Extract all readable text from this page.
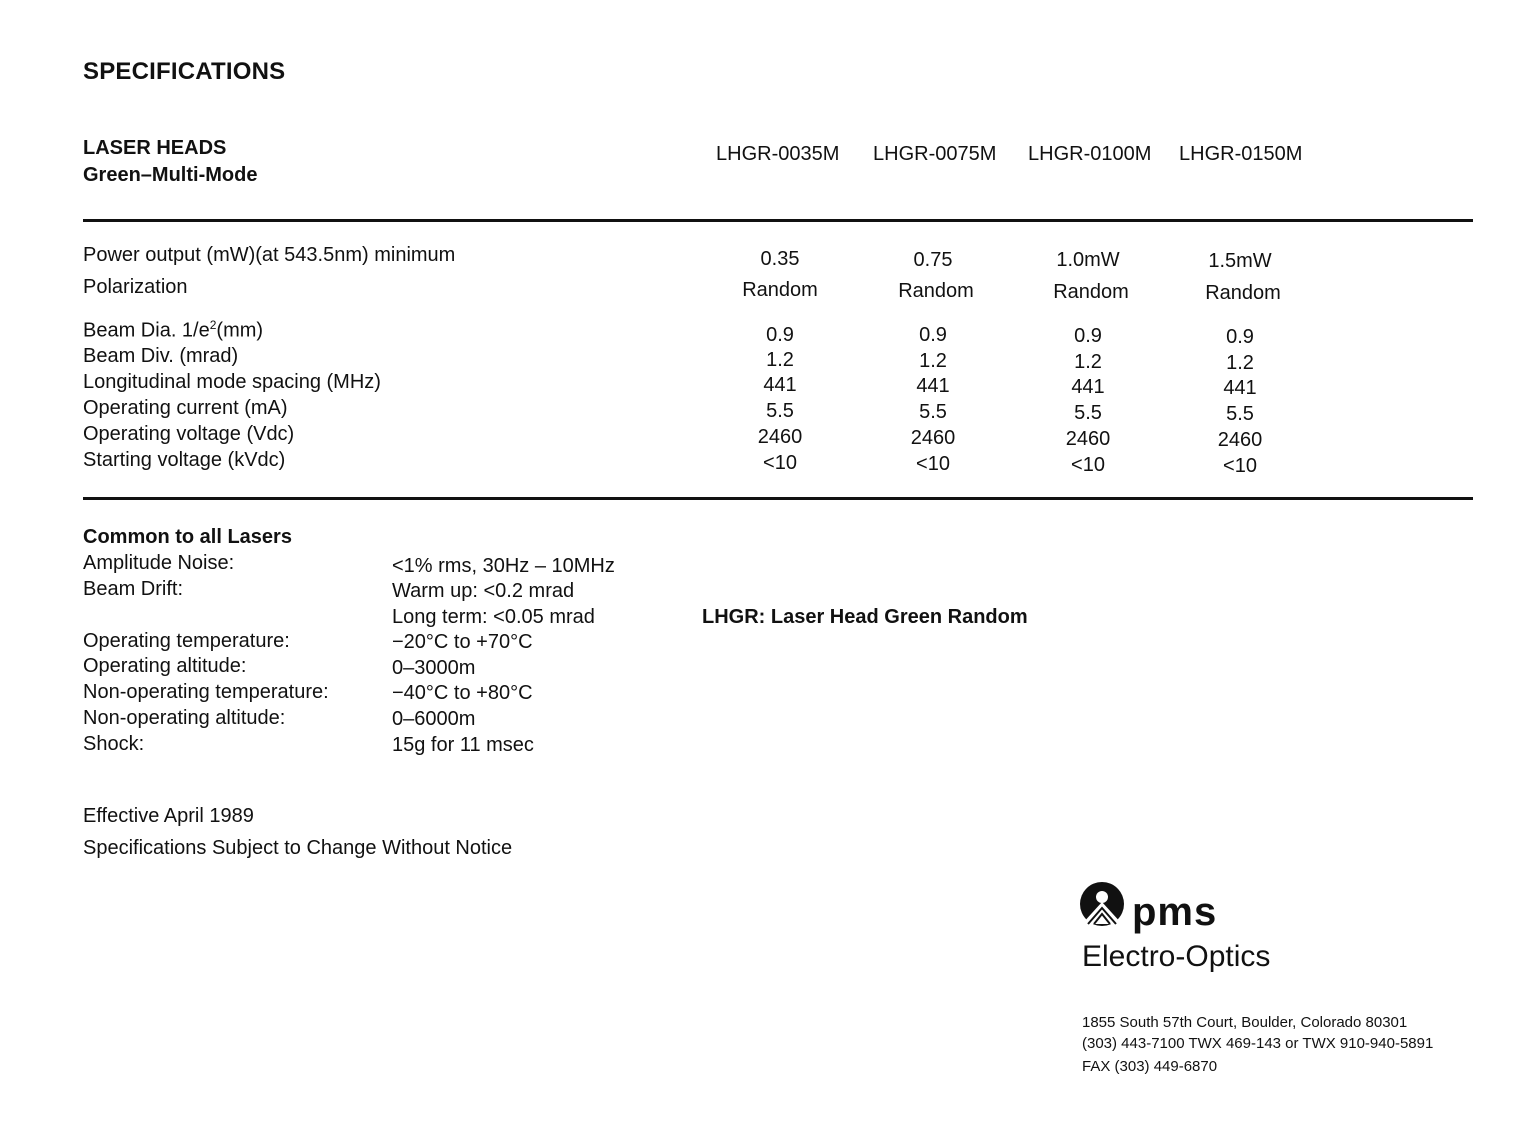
SPECIFICATIONS
LASER HEADS
Green–Multi-Mode
LHGR-0035M LHGR-0075M LHGR-0100M LHGR-0150M
Power output (mW)(at 543.5nm) minimum	0.35	0.75	1.0mW	1.5mW
Polarization	Random	Random	Random	Random
Beam Dia. $1/e^2(mm)$	0.9	0.9	0.9	0.9
Beam Div. (mrad)	1.2	1.2	1.2	1.2
Longitudinal mode spacing (MHz)	441	441	441	441
Operating current (mA)	5.5	5.5	5.5	5.5
Operating voltage (Vdc)	2460	2460	2460	2460
Starting voltage (kVdc)	<10	<10	<10	<10
Common to all Lasers
Amplitude Noise:	<1% rms, 30Hz – 10MHz
Beam Drift:	Warm up: <0.2 mrad
Long term: <0.05 mrad
Operating temperature:	−20°C to +70°C
Operating altitude:	0–3000m
Non-operating temperature:	−40°C to +80°C
Non-operating altitude:	0–6000m
Shock:	15g for 11 msec
LHGR: Laser Head Green Random
Effective April 1989
Specifications Subject to Change Without Notice
pms
Electro-Optics
1855 South 57th Court, Boulder, Colorado 80301
(303) 443-7100 TWX 469-143 or TWX 910-940-5891
FAX (303) 449-6870
